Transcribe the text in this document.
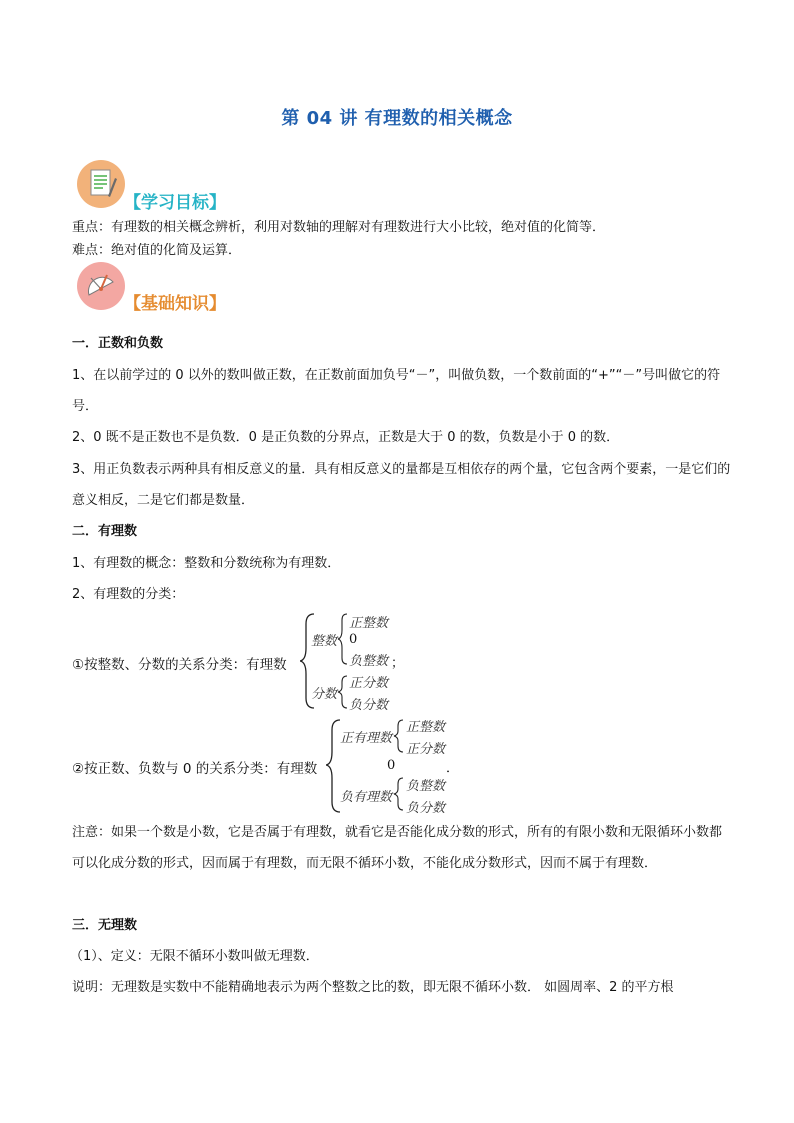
第 04 讲 有理数的相关概念
【学习目标】
重点：有理数的相关概念辨析，利用对数轴的理解对有理数进行大小比较，绝对值的化简等．
难点：绝对值的化简及运算．
【基础知识】
一．正数和负数
1、在以前学过的 0 以外的数叫做正数，在正数前面加负号“－”，叫做负数，一个数前面的“+”“－”号叫做它的符号．
2、0 既不是正数也不是负数．0 是正负数的分界点，正数是大于 0 的数，负数是小于 0 的数．
3、用正负数表示两种具有相反意义的量．具有相反意义的量都是互相依存的两个量，它包含两个要素，一是它们的意义相反，二是它们都是数量．
二．有理数
1、有理数的概念：整数和分数统称为有理数．
2、有理数的分类：
①按整数、分数的关系分类：有理数
整数
正整数
0
负整数 ；
分数
正分数
负分数
②按正数、负数与 0 的关系分类：有理数
正有理数
正整数
正分数
0	．
负有理数
负整数
负分数
注意：如果一个数是小数，它是否属于有理数，就看它是否能化成分数的形式，所有的有限小数和无限循环小数都可以化成分数的形式，因而属于有理数，而无限不循环小数，不能化成分数形式，因而不属于有理数．
三．无理数
（1）、定义：无限不循环小数叫做无理数．
说明：无理数是实数中不能精确地表示为两个整数之比的数，即无限不循环小数． 如圆周率、2 的平方根
